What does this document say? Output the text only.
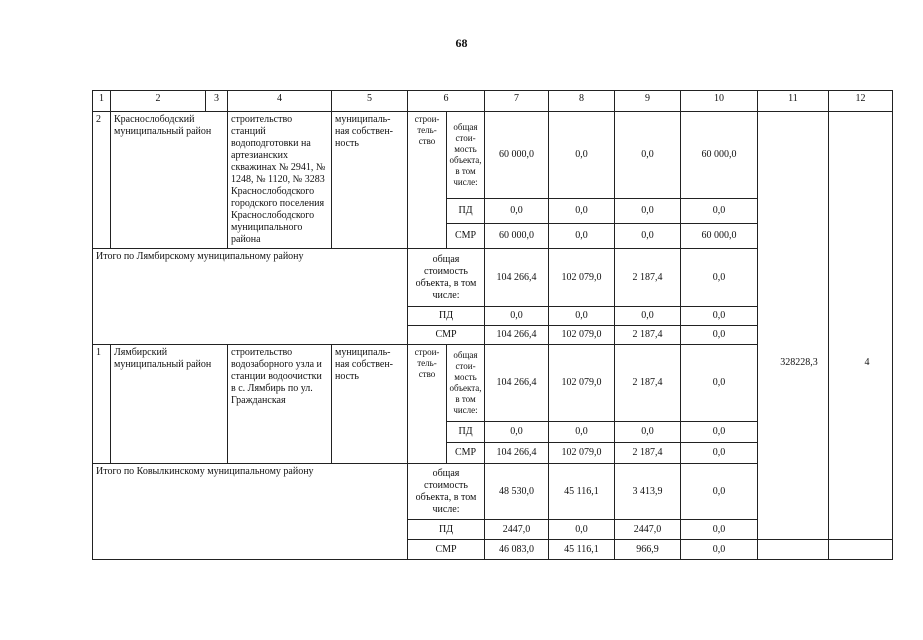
68
1	2	3	4	5	6		7	8	9	10	11	12	
2	Краснослободский муниципальный район		строительство станций водоподготовки на артезианских скважинах № 2941, № 1248, № 1120, № 3283 Краснослободского городского поселения Краснослободского муниципального района	муниципаль-ная собствен-ность	строи-тель-ство	общая стои-мость объекта, в том числе:	60 000,0	0,0	0,0	60 000,0			
						ПД	0,0	0,0	0,0	0,0			
						СМР	60 000,0	0,0	0,0	60 000,0			
Итого по Лямбирскому муниципальному району					общая стоимость объекта, в том числе:		104 266,4	102 079,0	2 187,4	0,0			
					ПД		0,0	0,0	0,0	0,0			
					СМР		104 266,4	102 079,0	2 187,4	0,0			
1	Лямбирский муниципальный район		строительство водозаборного узла и станции водоочистки в с. Лямбирь по ул. Гражданская	муниципаль-ная собствен-ность	строи-тель-ство	общая стои-мость объекта, в том числе:	104 266,4	102 079,0	2 187,4	0,0			
						ПД	0,0	0,0	0,0	0,0			
						СМР	104 266,4	102 079,0	2 187,4	0,0			
Итого по Ковылкинскому муниципальному району					общая стоимость объекта, в том числе:		48 530,0	45 116,1	3 413,9	0,0			
					ПД		2447,0	0,0	2447,0	0,0			
					СМР		46 083,0	45 116,1	966,9	0,0			
328228,3	4
